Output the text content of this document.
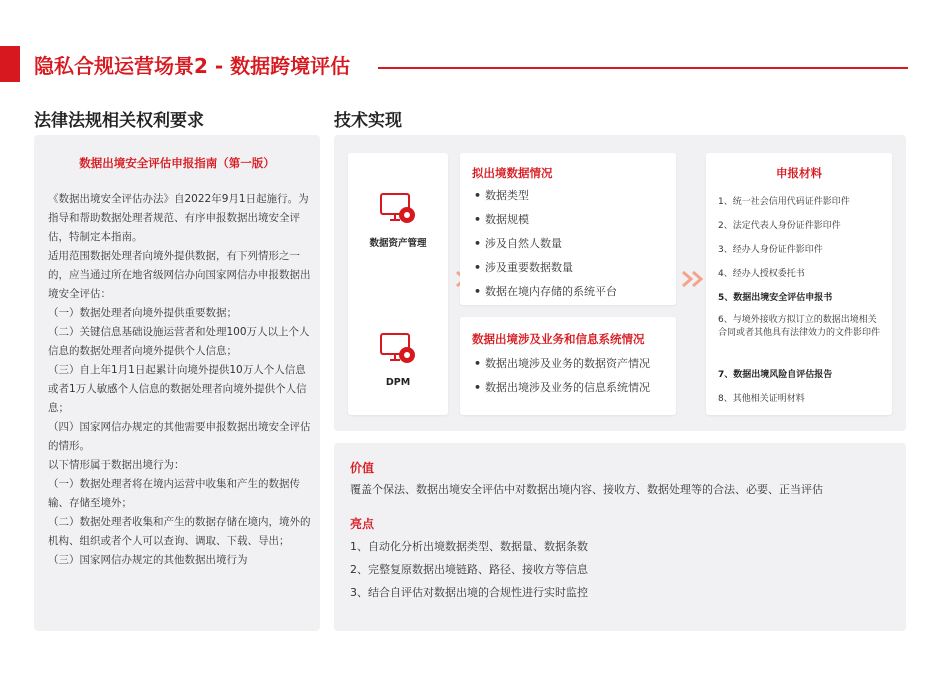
隐私合规运营场景2 - 数据跨境评估
法律法规相关权利要求	技术实现
数据出境安全评估申报指南（第一版）

《数据出境安全评估办法》自2022年9月1日起施行。为指导和帮助数据处理者规范、有序申报数据出境安全评估，特制定本指南。

适用范围数据处理者向境外提供数据，有下列情形之一的，应当通过所在地省级网信办向国家网信办申报数据出境安全评估：

（一）数据处理者向境外提供重要数据；

（二）关键信息基础设施运营者和处理100万人以上个人信息的数据处理者向境外提供个人信息；

（三）自上年1月1日起累计向境外提供10万人个人信息或者1万人敏感个人信息的数据处理者向境外提供个人信息；

（四）国家网信办规定的其他需要申报数据出境安全评估的情形。

以下情形属于数据出境行为：

（一）数据处理者将在境内运营中收集和产生的数据传输、存储至境外；

（二）数据处理者收集和产生的数据存储在境内，境外的机构、组织或者个人可以查询、调取、下载、导出；

（三）国家网信办规定的其他数据出境行为

数据资产管理
DPM
拟出境数据情况
• 数据类型
• 数据规模
• 涉及自然人数量
• 涉及重要数据数量
• 数据在境内存储的系统平台
数据出境涉及业务和信息系统情况
• 数据出境涉及业务的数据资产情况
• 数据出境涉及业务的信息系统情况
申报材料
1、统一社会信用代码证件影印件
2、法定代表人身份证件影印件
3、经办人身份证件影印件
4、经办人授权委托书
5、数据出境安全评估申报书
6、与境外接收方拟订立的数据出境相关合同或者其他具有法律效力的文件影印件
7、数据出境风险自评估报告
8、其他相关证明材料
价值
覆盖个保法、数据出境安全评估中对数据出境内容、接收方、数据处理等的合法、必要、正当评估
亮点
1、自动化分析出境数据类型、数据量、数据条数
2、完整复原数据出境链路、路径、接收方等信息
3、结合自评估对数据出境的合规性进行实时监控
